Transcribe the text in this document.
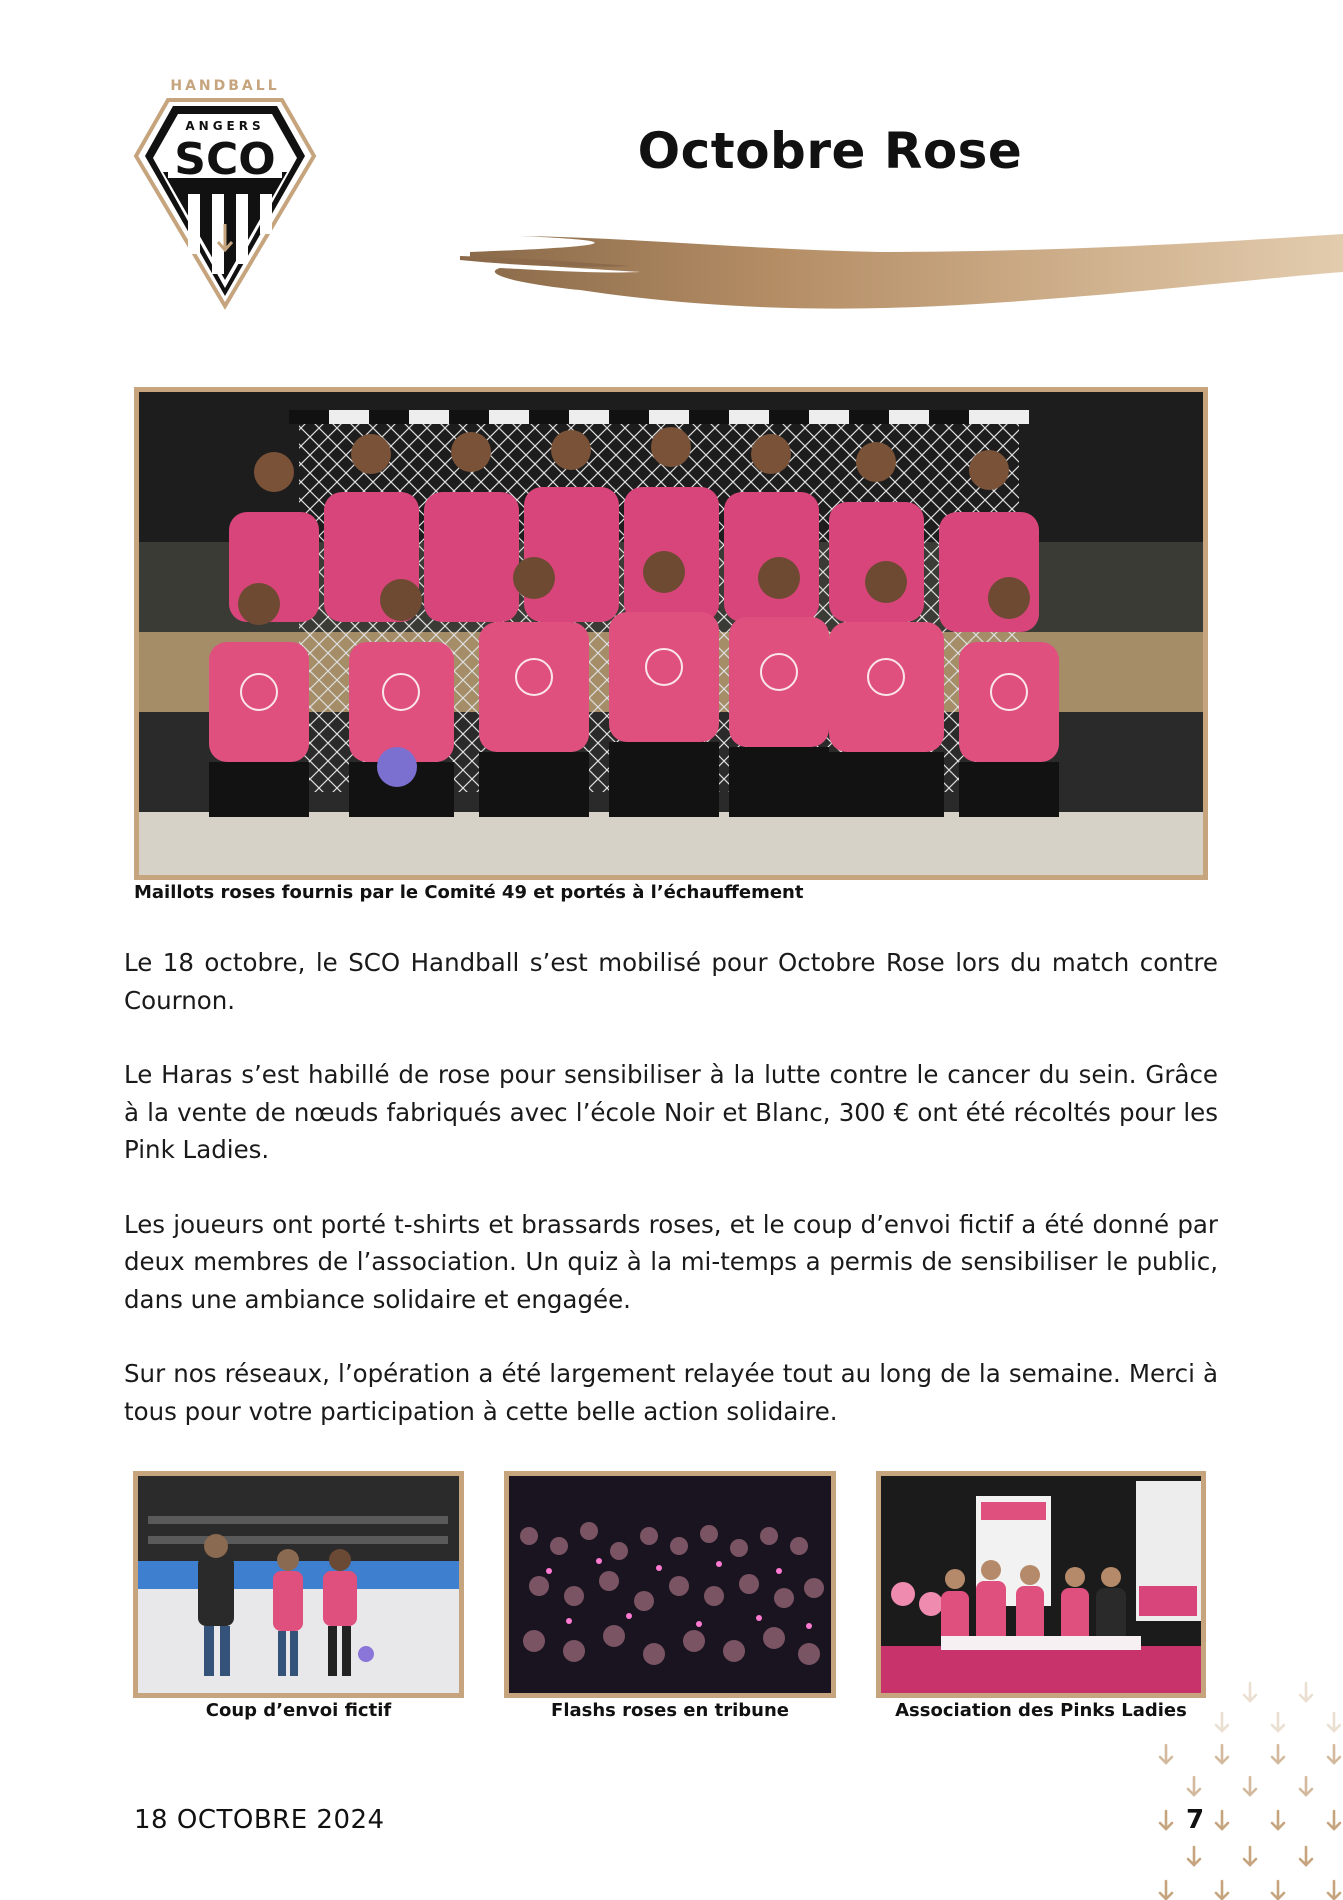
HANDBALL
ANGERS
SCO	Octobre Rose
Maillots roses fournis par le Comité 49 et portés à l’échauffement

Le 18 octobre, le SCO Handball s’est mobilisé pour Octobre Rose lors du match contre Cournon.

Le Haras s’est habillé de rose pour sensibiliser à la lutte contre le cancer du sein. Grâce à la vente de nœuds fabriqués avec l’école Noir et Blanc, 300 € ont été récoltés pour les Pink Ladies.

Les joueurs ont porté t-shirts et brassards roses, et le coup d’envoi fictif a été donné par deux membres de l’association. Un quiz à la mi-temps a permis de sensibiliser le public, dans une ambiance solidaire et engagée.

Sur nos réseaux, l’opération a été largement relayée tout au long de la semaine. Merci à tous pour votre participation à cette belle action solidaire.

Coup d’envoi fictif	Flashs roses en tribune	Association des Pinks Ladies
18 OCTOBRE 2024	7
